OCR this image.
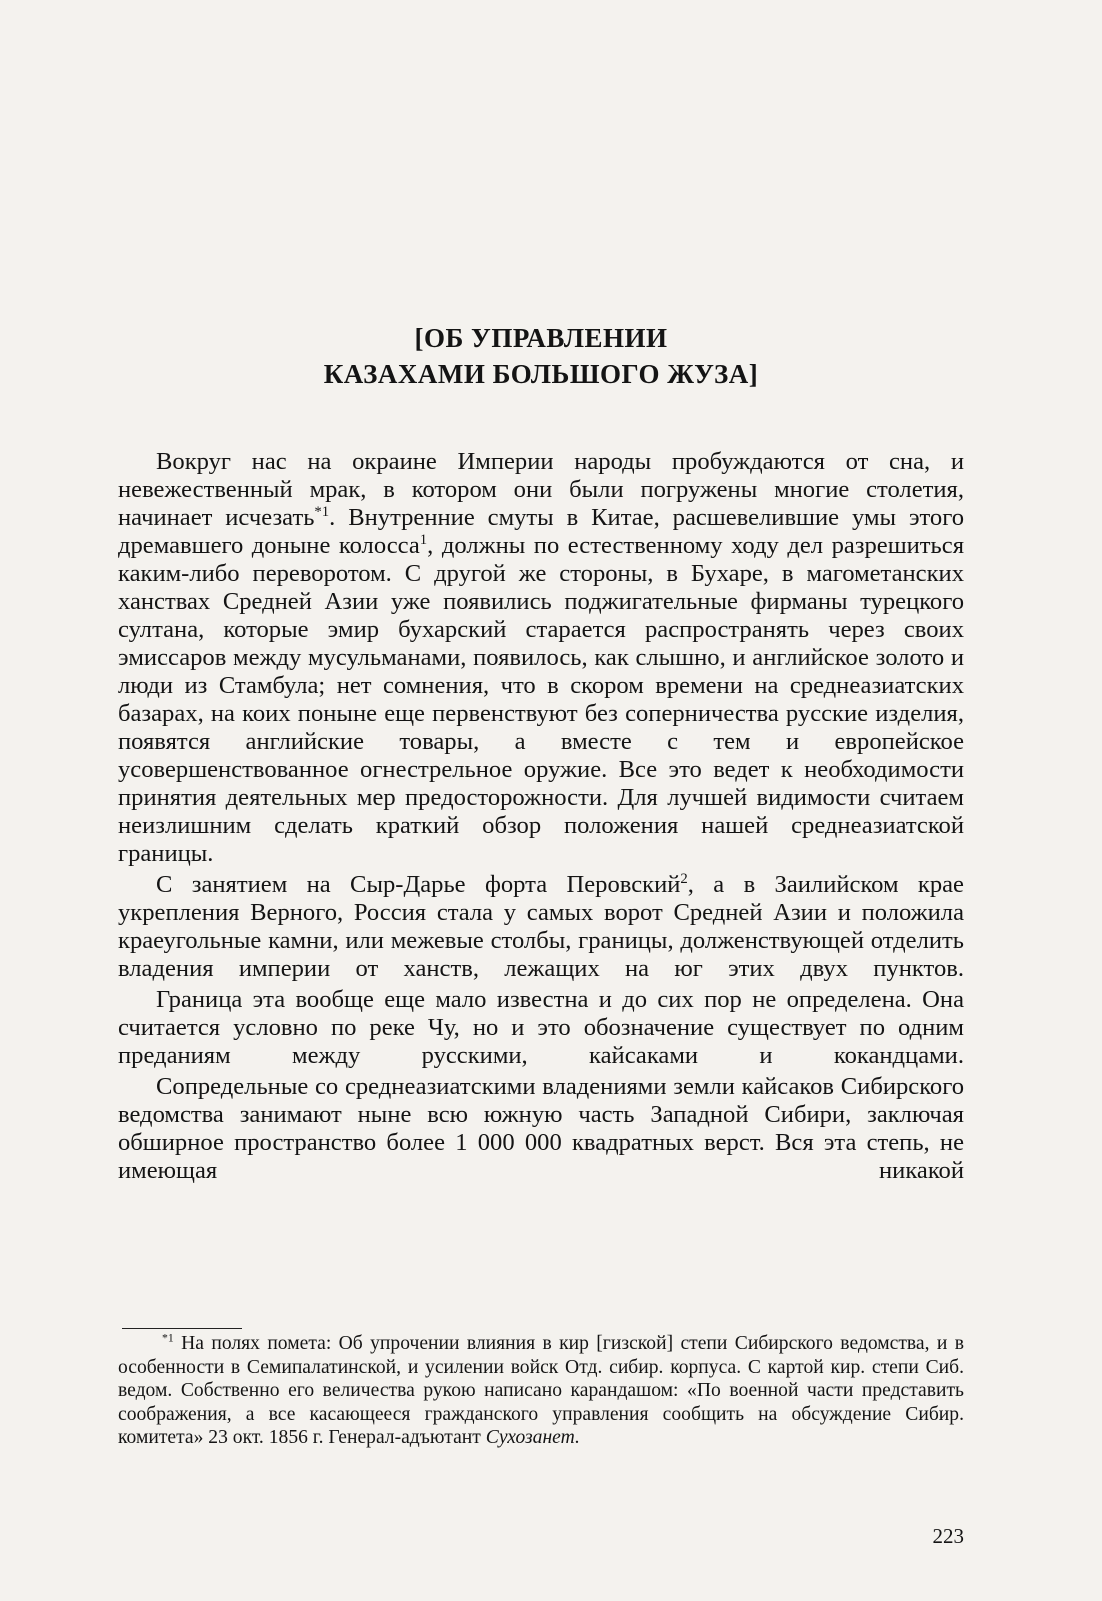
[ОБ УПРАВЛЕНИИ
КАЗАХАМИ БОЛЬШОГО ЖУЗА]

Вокруг нас на окраине Империи народы пробуждаются от сна, и невежественный мрак, в котором они были погружены многие столетия, начинает исчезать$^{*1}$. Внутренние смуты в Китае, расшевелившие умы этого дремавшего доныне колосса$^1$, должны по естественному ходу дел разрешиться каким-либо переворотом. С другой же стороны, в Бухаре, в магометанских ханствах Средней Азии уже появились поджигательные фирманы турецкого султана, которые эмир бухарский старается распространять через своих эмиссаров между мусульманами, появилось, как слышно, и английское золото и люди из Стамбула; нет сомнения, что в скором времени на среднеазиатских базарах, на коих поныне еще первенствуют без соперничества русские изделия, появятся английские товары, а вместе с тем и европейское усовершенствованное огнестрельное оружие. Все это ведет к необходимости принятия деятельных мер предосторожности. Для лучшей видимости считаем неизлишним сделать краткий обзор положения нашей среднеазиатской границы.

С занятием на Сыр-Дарье форта Перовский$^2$, а в Заилийском крае укрепления Верного, Россия стала у самых ворот Средней Азии и положила краеугольные камни, или межевые столбы, границы, долженствующей отделить владения империи от ханств, лежащих на юг этих двух пунктов.

Граница эта вообще еще мало известна и до сих пор не определена. Она считается условно по реке Чу, но и это обозначение существует по одним преданиям между русскими, кайсаками и кокандцами.

Сопредельные со среднеазиатскими владениями земли кайсаков Сибирского ведомства занимают ныне всю южную часть Западной Сибири, заключая обширное пространство более 1 000 000 квадратных верст. Вся эта степь, не имеющая никакой

$^{*1}$ На полях помета: Об упрочении влияния в кир [гизской] степи Сибирского ведомства, и в особенности в Семипалатинской, и усилении войск Отд. сибир. корпуса. С картой кир. степи Сиб. ведом. Собственно его величества рукою написано карандашом: «По военной части представить соображения, а все касающееся гражданского управления сообщить на обсуждение Сибир. комитета» 23 окт. 1856 г. Генерал-адъютант Сухозанет.

223
